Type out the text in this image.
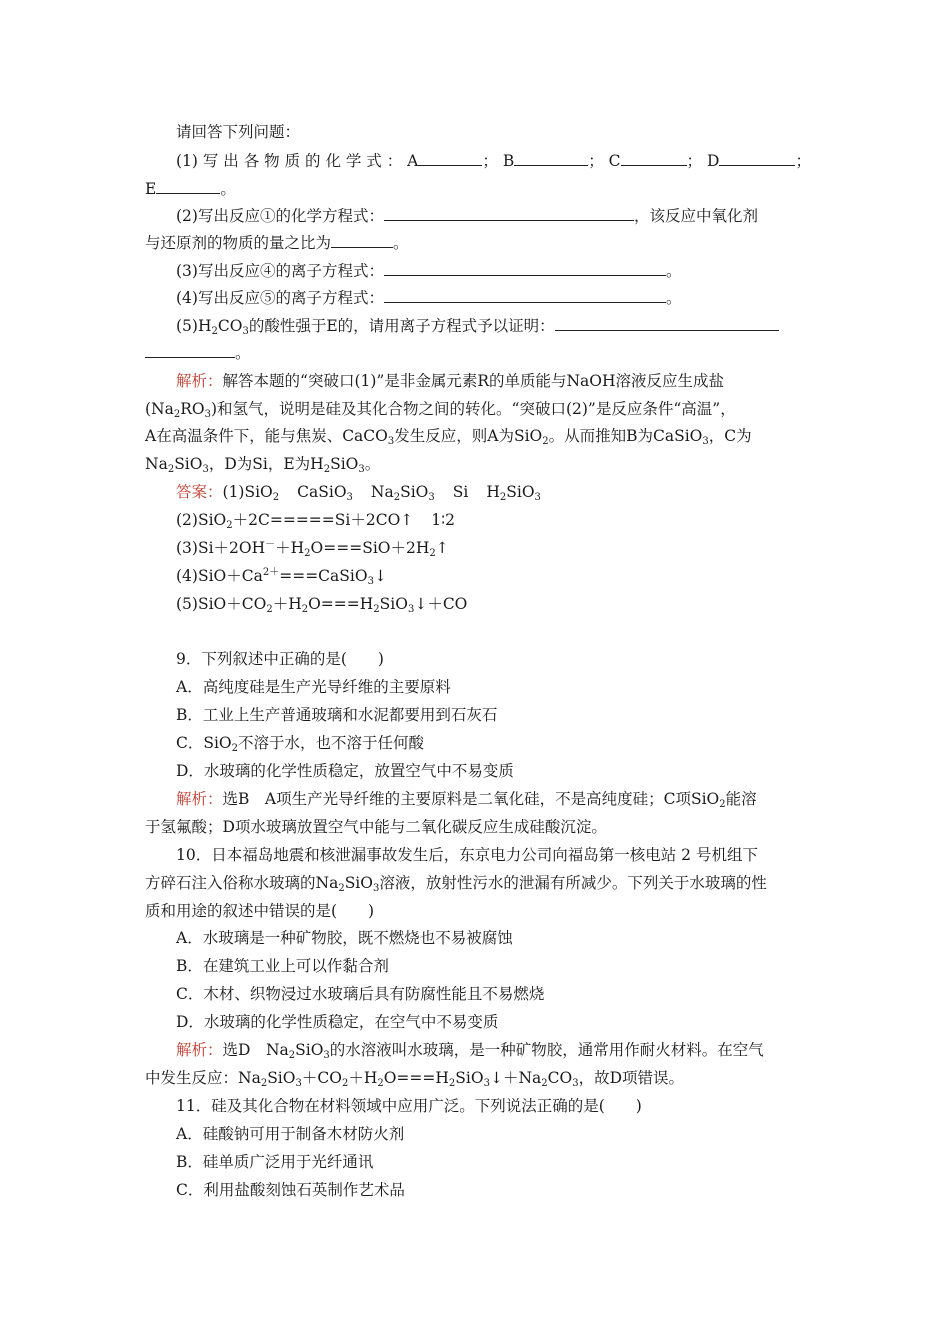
请回答下列问题：
(1) 写 出 各 物 质 的 化 学 式 ： A	； B	； C	； D	；
E	。
(2)写出反应①的化学方程式：	，该反应中氧化剂
与还原剂的物质的量之比为	。
(3)写出反应④的离子方程式：	。
(4)写出反应⑤的离子方程式：	。
$(5)H_2CO_3$的酸性强于E的，请用离子方程式予以证明：
。
解析：解答本题的“突破口(1)”是非金属元素R的单质能与NaOH溶液反应生成盐
$(Na_2RO_3)$和氢气，说明是硅及其化合物之间的转化。“突破口(2)”是反应条件“高温”，
A在高温条件下，能与焦炭、CaCO$_3$发生反应，则A为SiO$_2$。从而推知B为CaSiO$_3$，C为
$Na_2SiO_3$，D为Si，E为$H_2SiO_3$。
答案：(1)SiO$_2$ CaSiO$_3$ $Na_2SiO_3$ Si $H_2SiO_3$
(2)SiO$_2$＋2C=====Si＋2CO↑ 1∶2
$(3)Si+2OH^-+H_2O===SiO+2H_2↑$
$(4)SiO+Ca^{2+}===CaSiO_3↓$
$(5)SiO+CO_2+H_2O===H_2SiO_3↓+CO$
9．下列叙述中正确的是(　　)
A．高纯度硅是生产光导纤维的主要原料
B．工业上生产普通玻璃和水泥都要用到石灰石
C．SiO$_2$不溶于水，也不溶于任何酸
D．水玻璃的化学性质稳定，放置空气中不易变质
解析：选B　A项生产光导纤维的主要原料是二氧化硅，不是高纯度硅；C项SiO$_2$能溶
于氢氟酸；D项水玻璃放置空气中能与二氧化碳反应生成硅酸沉淀。
10．日本福岛地震和核泄漏事故发生后，东京电力公司向福岛第一核电站 2 号机组下
方碎石注入俗称水玻璃的$Na_2SiO_3$溶液，放射性污水的泄漏有所减少。下列关于水玻璃的性
质和用途的叙述中错误的是(　　)
A．水玻璃是一种矿物胶，既不燃烧也不易被腐蚀
B．在建筑工业上可以作黏合剂
C．木材、织物浸过水玻璃后具有防腐性能且不易燃烧
D．水玻璃的化学性质稳定，在空气中不易变质
解析：选D　$Na_2SiO_3$的水溶液叫水玻璃，是一种矿物胶，通常用作耐火材料。在空气
中发生反应：$Na_2SiO_3+CO_2+H_2O===H_2SiO_3↓+Na_2CO_3$，故D项错误。
11．硅及其化合物在材料领域中应用广泛。下列说法正确的是(　　)
A．硅酸钠可用于制备木材防火剂
B．硅单质广泛用于光纤通讯
C．利用盐酸刻蚀石英制作艺术品
